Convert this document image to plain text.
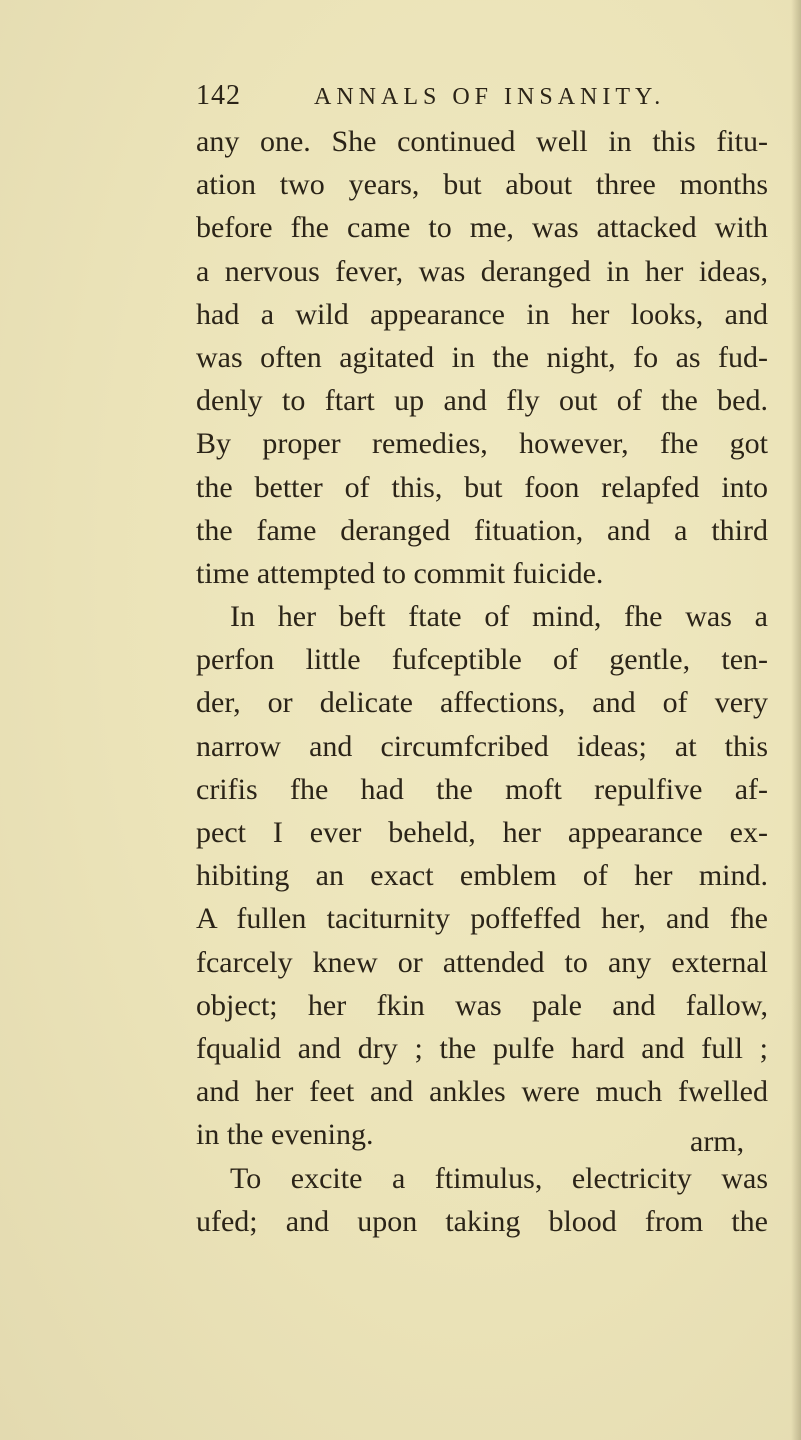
142	ANNALS OF INSANITY.
any one. She continued well in this fitu-
ation two years, but about three months
before fhe came to me, was attacked with
a nervous fever, was deranged in her ideas,
had a wild appearance in her looks, and
was often agitated in the night, fo as fud-
denly to ftart up and fly out of the bed.
By proper remedies, however, fhe got
the better of this, but foon relapfed into
the fame deranged fituation, and a third
time attempted to commit fuicide.
In her beft ftate of mind, fhe was a
perfon little fufceptible of gentle, ten-
der, or delicate affections, and of very
narrow and circumfcribed ideas; at this
crifis fhe had the moft repulfive af-
pect I ever beheld, her appearance ex-
hibiting an exact emblem of her mind.
A fullen taciturnity poffeffed her, and fhe
fcarcely knew or attended to any external
object; her fkin was pale and fallow,
fqualid and dry ; the pulfe hard and full ;
and her feet and ankles were much fwelled
in the evening.
To excite a ftimulus, electricity was
ufed; and upon taking blood from the
arm,
